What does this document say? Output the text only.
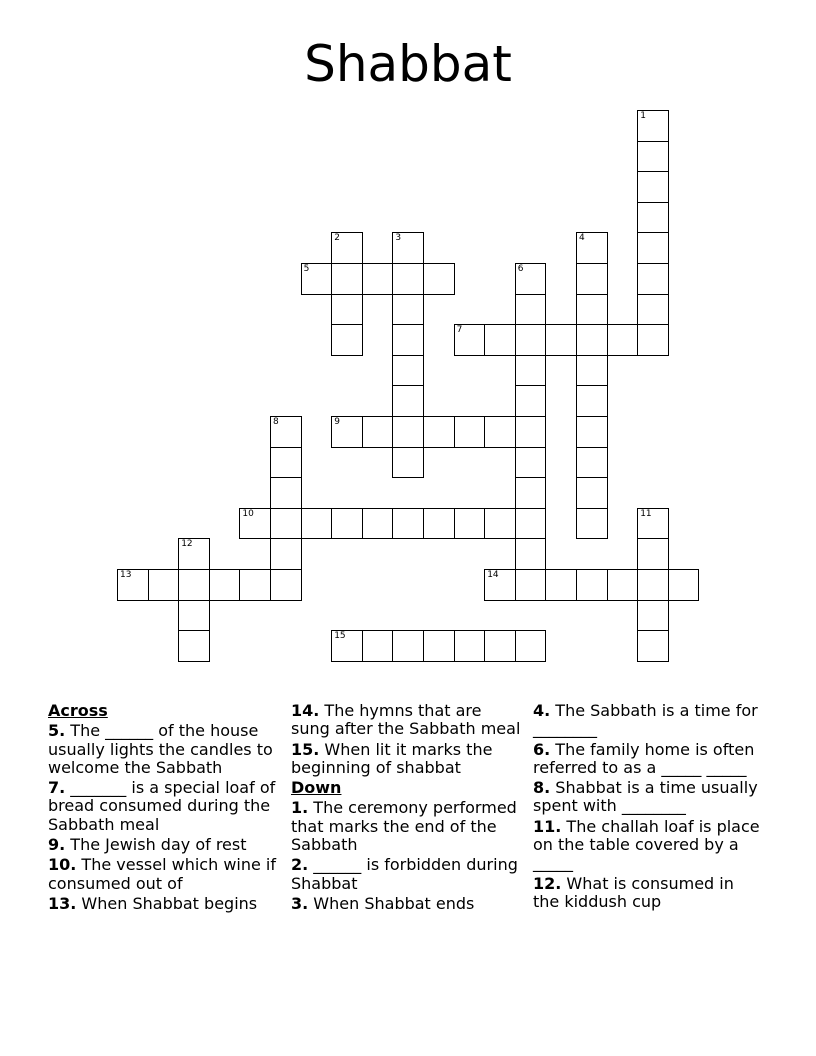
Shabbat
1
2	3	4
5	6
7
8	9
10	11
12
13	14
15
Across
5. The ______ of the house usually lights the candles to welcome the Sabbath
7. _______ is a special loaf of bread consumed during the Sabbath meal
9. The Jewish day of rest
10. The vessel which wine if consumed out of
13. When Shabbat begins
14. The hymns that are sung after the Sabbath meal
15. When lit it marks the beginning of shabbat
Down
1. The ceremony performed that marks the end of the Sabbath
2. ______ is forbidden during Shabbat
3. When Shabbat ends
4. The Sabbath is a time for ________
6. The family home is often referred to as a _____ _____
8. Shabbat is a time usually spent with ________
11. The challah loaf is place on the table covered by a _____
12. What is consumed in the kiddush cup
